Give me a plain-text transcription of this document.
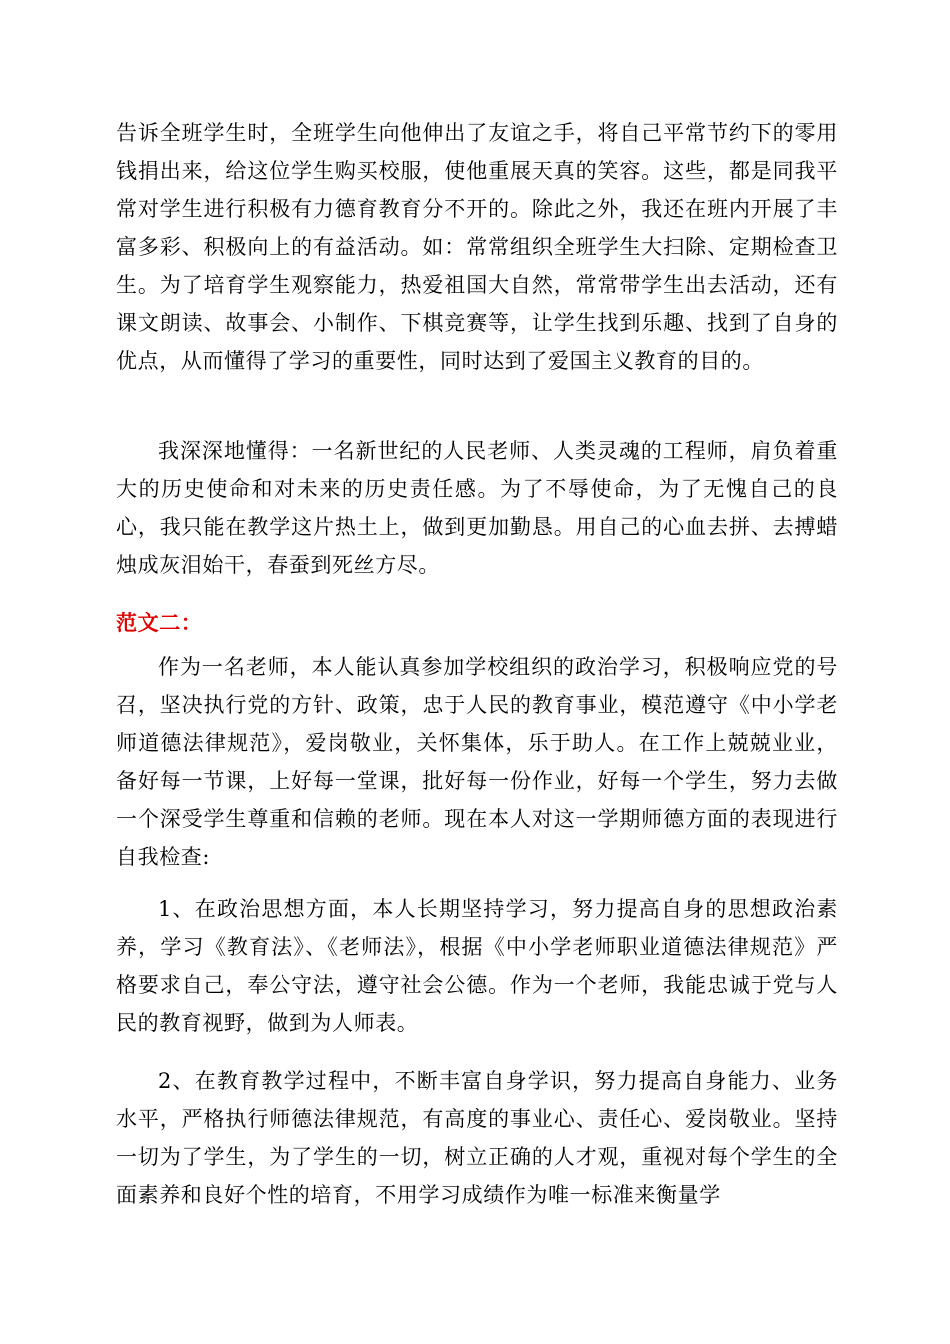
告诉全班学生时，全班学生向他伸出了友谊之手，将自己平常节约下的零用钱捐出来，给这位学生购买校服，使他重展天真的笑容。这些，都是同我平常对学生进行积极有力德育教育分不开的。除此之外，我还在班内开展了丰富多彩、积极向上的有益活动。如：常常组织全班学生大扫除、定期检查卫生。为了培育学生观察能力，热爱祖国大自然，常常带学生出去活动，还有课文朗读、故事会、小制作、下棋竞赛等，让学生找到乐趣、找到了自身的优点，从而懂得了学习的重要性，同时达到了爱国主义教育的目的。

我深深地懂得：一名新世纪的人民老师、人类灵魂的工程师，肩负着重大的历史使命和对未来的历史责任感。为了不辱使命，为了无愧自己的良心，我只能在教学这片热土上，做到更加勤恳。用自己的心血去拼、去搏蜡烛成灰泪始干，春蚕到死丝方尽。

范文二：

作为一名老师，本人能认真参加学校组织的政治学习，积极响应党的号召，坚决执行党的方针、政策，忠于人民的教育事业，模范遵守《中小学老师道德法律规范》，爱岗敬业，关怀集体，乐于助人。在工作上兢兢业业，备好每一节课，上好每一堂课，批好每一份作业，好每一个学生，努力去做一个深受学生尊重和信赖的老师。现在本人对这一学期师德方面的表现进行自我检查:

1、在政治思想方面，本人长期坚持学习，努力提高自身的思想政治素养，学习《教育法》、《老师法》，根据《中小学老师职业道德法律规范》严格要求自己，奉公守法，遵守社会公德。作为一个老师，我能忠诚于党与人民的教育视野，做到为人师表。

2、在教育教学过程中，不断丰富自身学识，努力提高自身能力、业务水平，严格执行师德法律规范，有高度的事业心、责任心、爱岗敬业。坚持一切为了学生，为了学生的一切，树立正确的人才观，重视对每个学生的全面素养和良好个性的培育，不用学习成绩作为唯一标准来衡量学
